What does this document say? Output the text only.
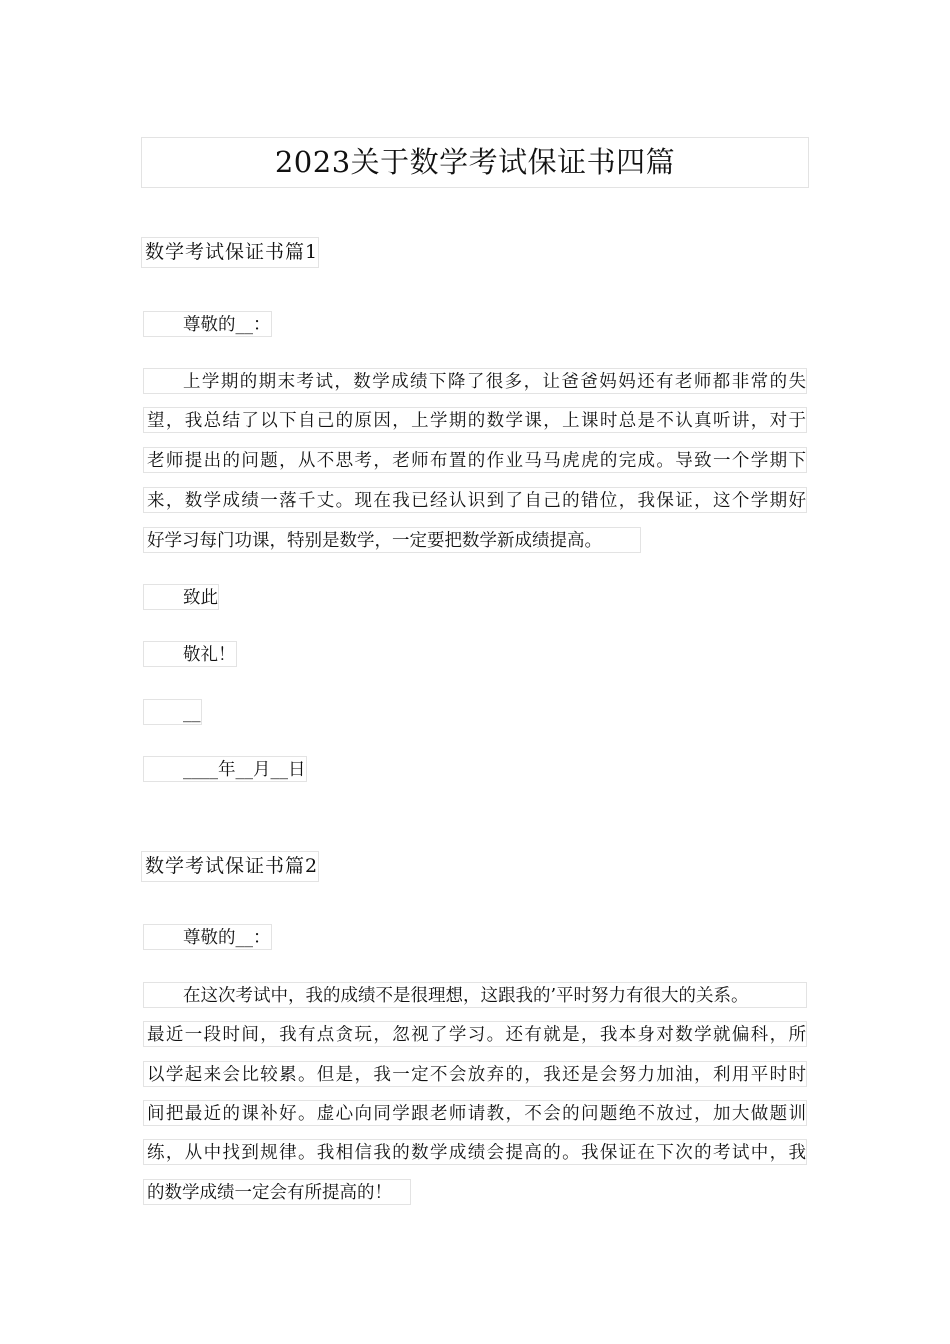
2023关于数学考试保证书四篇
数学考试保证书篇1
尊敬的__：
上学期的期末考试，数学成绩下降了很多，让爸爸妈妈还有老师都非常的失
望，我总结了以下自己的原因，上学期的数学课，上课时总是不认真听讲，对于
老师提出的问题，从不思考，老师布置的作业马马虎虎的完成。导致一个学期下
来，数学成绩一落千丈。现在我已经认识到了自己的错位，我保证，这个学期好
好学习每门功课，特别是数学，一定要把数学新成绩提高。
致此
敬礼！
__
____年__月__日
数学考试保证书篇2
尊敬的__：
在这次考试中，我的成绩不是很理想，这跟我的’平时努力有很大的关系。
最近一段时间，我有点贪玩，忽视了学习。还有就是，我本身对数学就偏科，所
以学起来会比较累。但是，我一定不会放弃的，我还是会努力加油，利用平时时
间把最近的课补好。虚心向同学跟老师请教，不会的问题绝不放过，加大做题训
练，从中找到规律。我相信我的数学成绩会提高的。我保证在下次的考试中，我
的数学成绩一定会有所提高的！
